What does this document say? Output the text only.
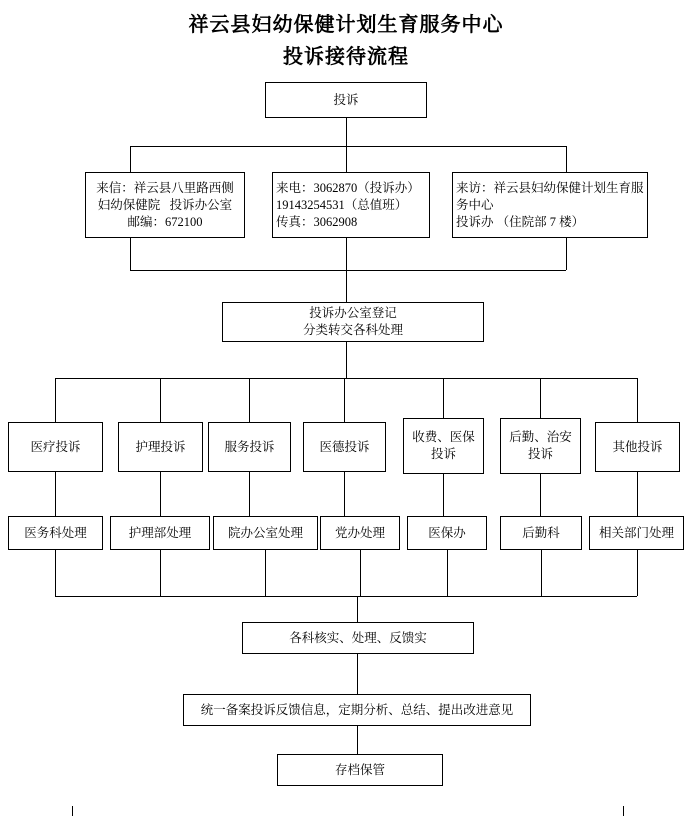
祥云县妇幼保健计划生育服务中心
投诉接待流程
投诉
来信：祥云县八里路西侧
妇幼保健院   投诉办公室
邮编：672100
来电：3062870（投诉办）
19143254531（总值班）
传真：3062908
来访：祥云县妇幼保健计划生育服
务中心
投诉办 （住院部 7 楼）
投诉办公室登记
分类转交各科处理
医疗投诉	护理投诉	服务投诉	医德投诉
收费、医保
投诉
后勤、治安
投诉
其他投诉
医务科处理	护理部处理	院办公室处理	党办处理	医保办	后勤科	相关部门处理
各科核实、处理、反馈实
统一备案投诉反馈信息，定期分析、总结、提出改进意见
存档保管
